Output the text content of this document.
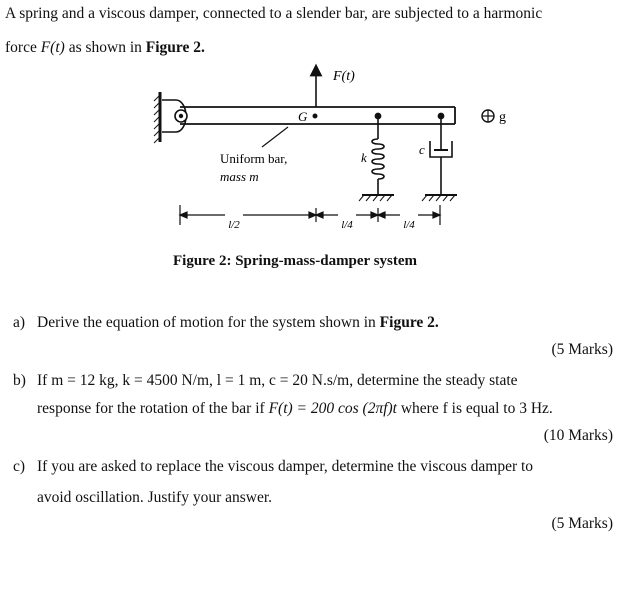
A spring and a viscous damper, connected to a slender bar, are subjected to a harmonic
force F(t) as shown in Figure 2.
F(t)
G
k
c
g
Uniform bar,
mass m
l/2	l/4	l/4
Figure 2: Spring-mass-damper system
a) Derive the equation of motion for the system shown in Figure 2.
(5 Marks)
b) If m = 12 kg, k = 4500 N/m, l = 1 m, c = 20 N.s/m, determine the steady state
response for the rotation of the bar if F(t) = 200 cos (2πf)t where f is equal to 3 Hz.
(10 Marks)
c) If you are asked to replace the viscous damper, determine the viscous damper to
avoid oscillation. Justify your answer.
(5 Marks)
